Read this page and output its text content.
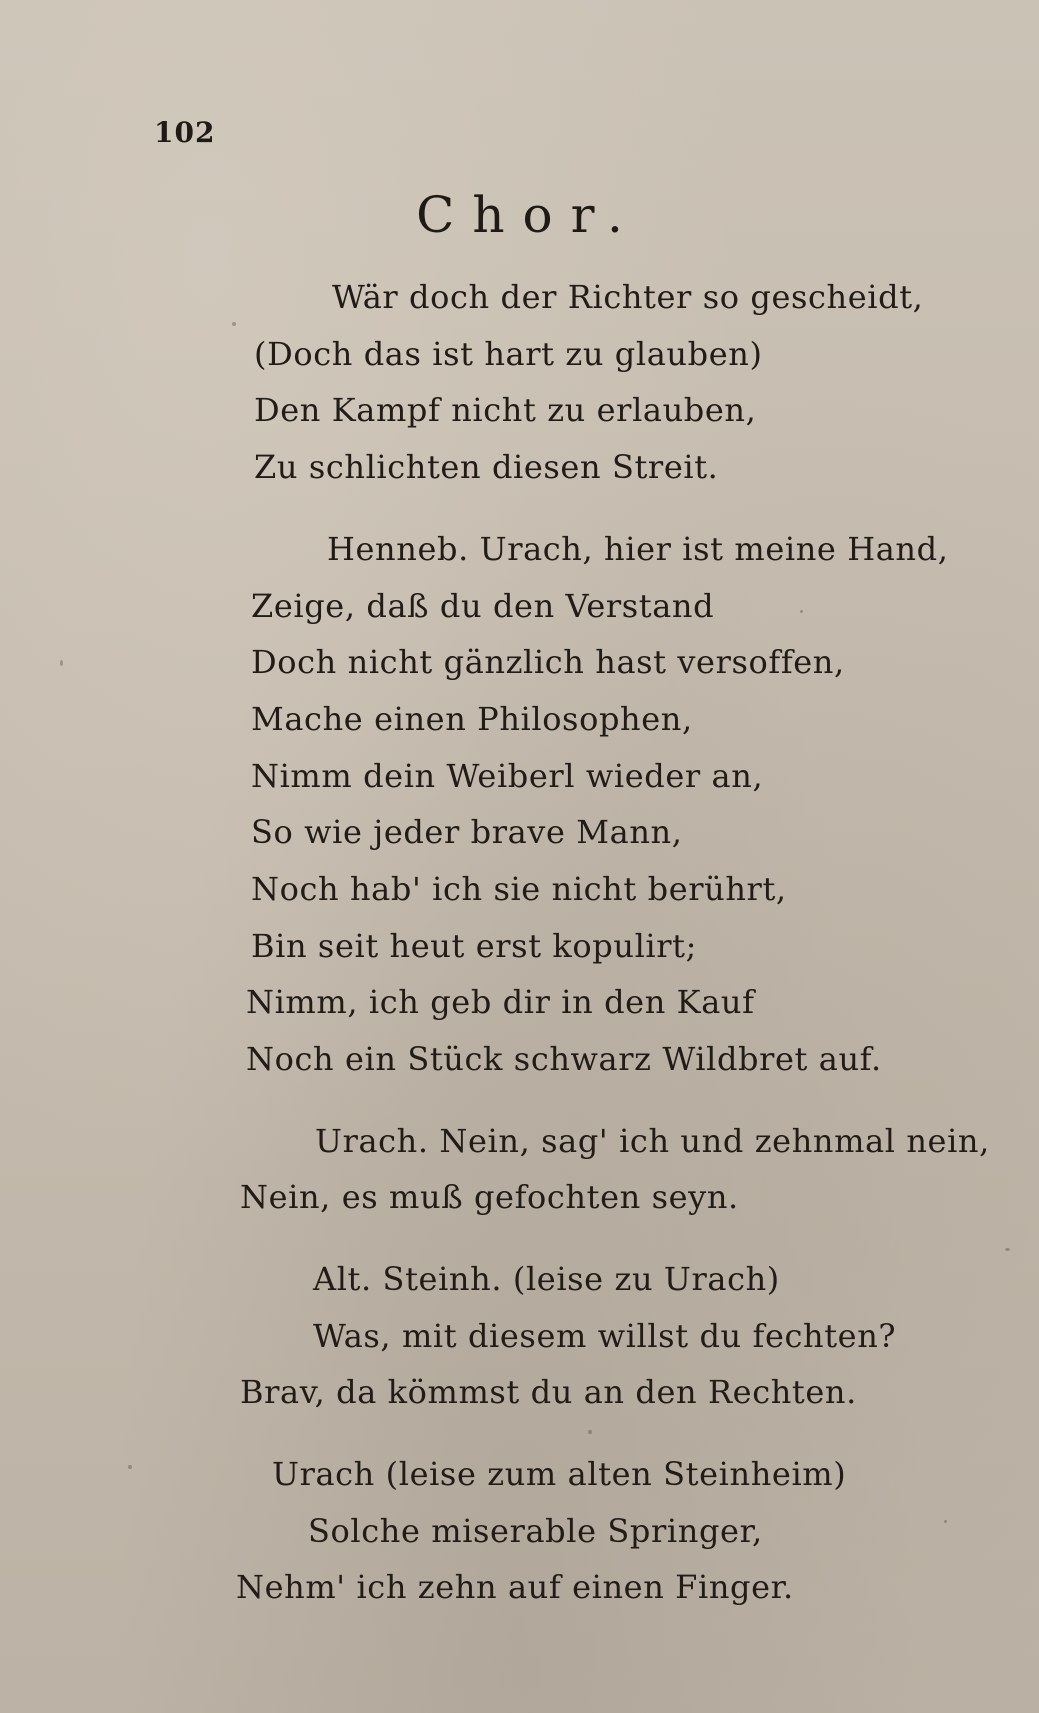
102
Chor.
Wär doch der Richter so gescheidt,
(Doch das ist hart zu glauben)
Den Kampf nicht zu erlauben,
Zu schlichten diesen Streit.
Henneb. Urach, hier ist meine Hand,
Zeige, daß du den Verstand
Doch nicht gänzlich hast versoffen,
Mache einen Philosophen,
Nimm dein Weiberl wieder an,
So wie jeder brave Mann,
Noch hab' ich sie nicht berührt,
Bin seit heut erst kopulirt;
Nimm, ich geb dir in den Kauf
Noch ein Stück schwarz Wildbret auf.
Urach. Nein, sag' ich und zehnmal nein,
Nein, es muß gefochten seyn.
Alt. Steinh. (leise zu Urach)
Was, mit diesem willst du fechten?
Brav, da kömmst du an den Rechten.
Urach (leise zum alten Steinheim)
Solche miserable Springer,
Nehm' ich zehn auf einen Finger.
